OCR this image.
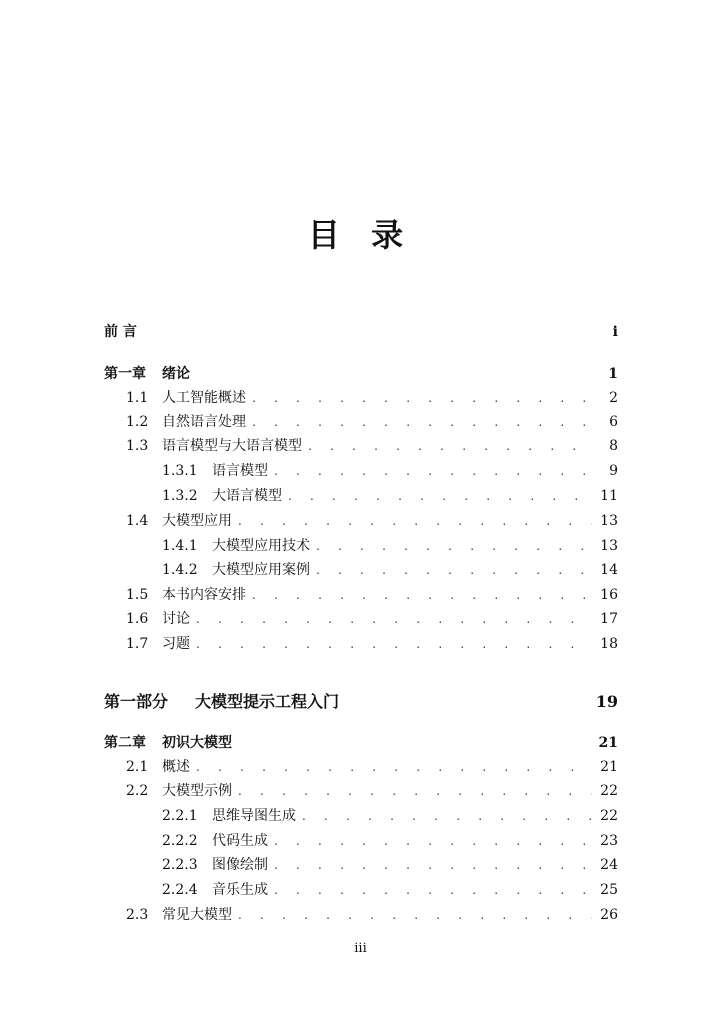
目 录
前 言	i
第一章	绪论	1
1.1 人工智能概述 . . .	2
1.2 自然语言处理 . . .	6
1.3 语言模型与大语言模型 . . .	8
1.3.1	语言模型 . . .	9
1.3.2	大语言模型 . . .	11
1.4 大模型应用 . . .	13
1.4.1	大模型应用技术 . . .	13
1.4.2	大模型应用案例 . . .	14
1.5 本书内容安排 . . .	16
1.6 讨论 . . .	17
1.7 习题 . . .	18
第一部分	大模型提示工程入门	19
第二章	初识大模型	21
2.1 概述 . . .	21
2.2 大模型示例 . . .	22
2.2.1	思维导图生成 . . .	22
2.2.2	代码生成 . . .	23
2.2.3	图像绘制 . . .	24
2.2.4	音乐生成 . . .	25
2.3 常见大模型 . . .	26
iii
